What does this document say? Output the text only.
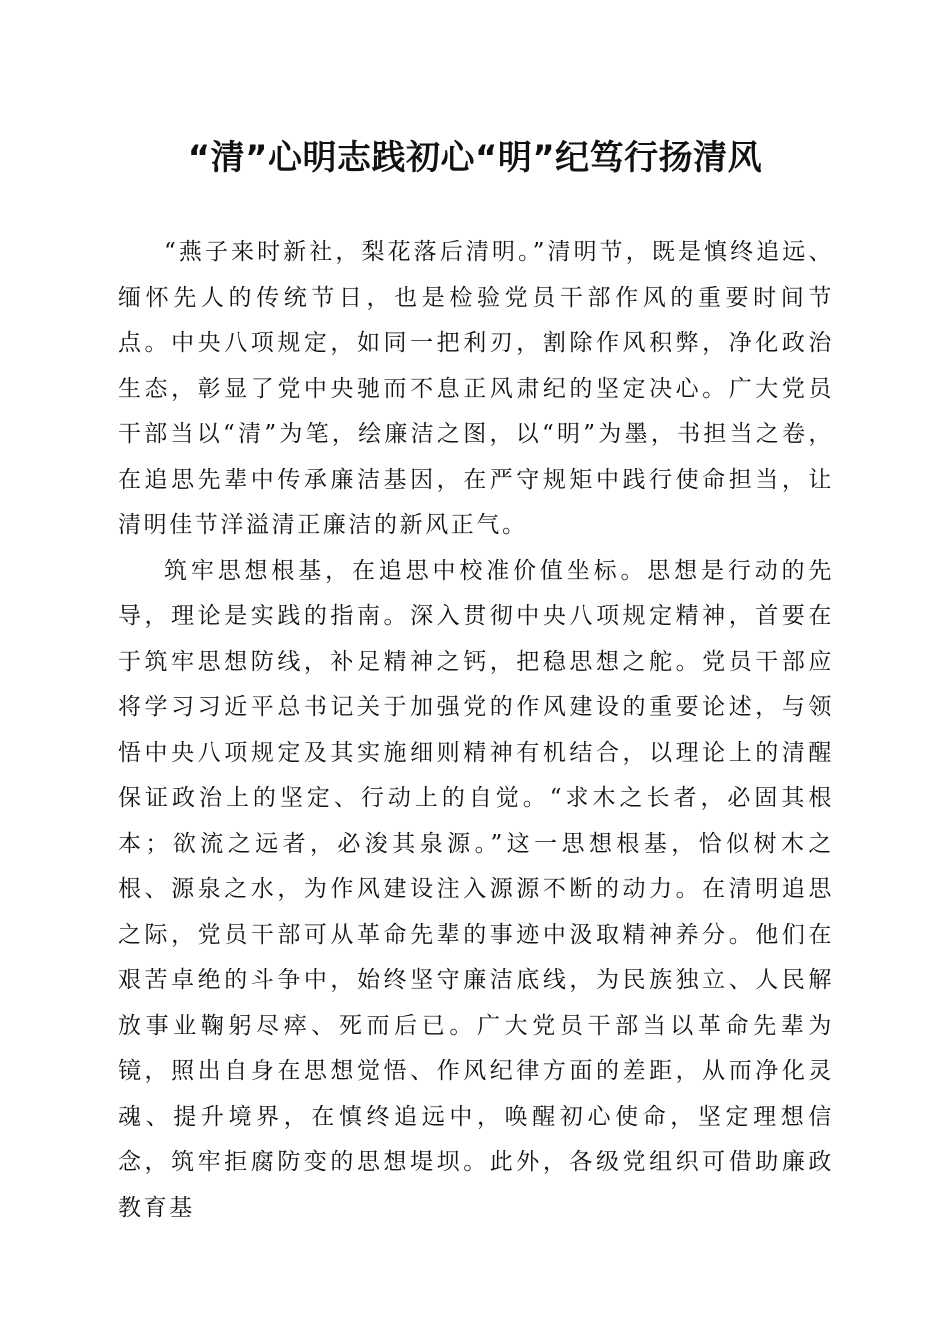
“清”心明志践初心“明”纪笃行扬清风

“燕子来时新社，梨花落后清明。”清明节，既是慎终追远、缅怀先人的传统节日，也是检验党员干部作风的重要时间节点。中央八项规定，如同一把利刃，割除作风积弊，净化政治生态，彰显了党中央驰而不息正风肃纪的坚定决心。广大党员干部当以“清”为笔，绘廉洁之图，以“明”为墨，书担当之卷，在追思先辈中传承廉洁基因，在严守规矩中践行使命担当，让清明佳节洋溢清正廉洁的新风正气。

筑牢思想根基，在追思中校准价值坐标。思想是行动的先导，理论是实践的指南。深入贯彻中央八项规定精神，首要在于筑牢思想防线，补足精神之钙，把稳思想之舵。党员干部应将学习习近平总书记关于加强党的作风建设的重要论述，与领悟中央八项规定及其实施细则精神有机结合，以理论上的清醒保证政治上的坚定、行动上的自觉。“求木之长者，必固其根本；欲流之远者，必浚其泉源。”这一思想根基，恰似树木之根、源泉之水，为作风建设注入源源不断的动力。在清明追思之际，党员干部可从革命先辈的事迹中汲取精神养分。他们在艰苦卓绝的斗争中，始终坚守廉洁底线，为民族独立、人民解放事业鞠躬尽瘁、死而后已。广大党员干部当以革命先辈为镜，照出自身在思想觉悟、作风纪律方面的差距，从而净化灵魂、提升境界，在慎终追远中，唤醒初心使命，坚定理想信念，筑牢拒腐防变的思想堤坝。此外，各级党组织可借助廉政教育基
